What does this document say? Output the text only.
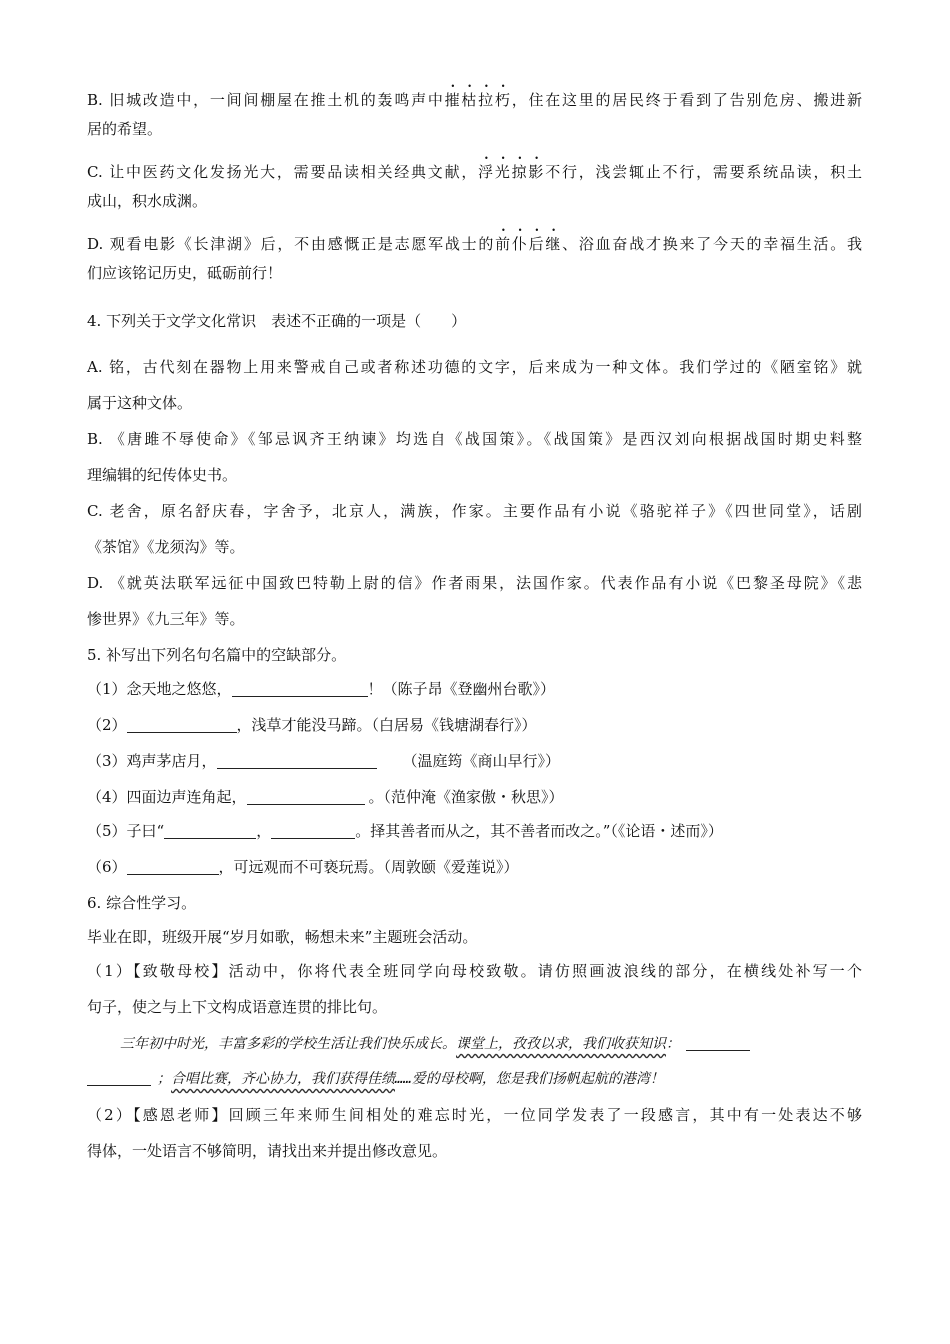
B. 旧城改造中，一间间棚屋在推土机的轰鸣声中摧枯拉朽，住在这里的居民终于看到了告别危房、搬进新
居的希望。
C. 让中医药文化发扬光大，需要品读相关经典文献，浮光掠影不行，浅尝辄止不行，需要系统品读，积土
成山，积水成渊。
D. 观看电影《长津湖》后，不由感慨正是志愿军战士的前仆后继、浴血奋战才换来了今天的幸福生活。我
们应该铭记历史，砥砺前行！
4. 下列关于文学文化常识　表述不正确的一项是（　　）
A. 铭，古代刻在器物上用来警戒自己或者称述功德的文字，后来成为一种文体。我们学过的《陋室铭》就
属于这种文体。
B. 《唐雎不辱使命》《邹忌讽齐王纳谏》均选自《战国策》。《战国策》是西汉刘向根据战国时期史料整
理编辑的纪传体史书。
C. 老舍，原名舒庆春，字舍予，北京人，满族，作家。主要作品有小说《骆驼祥子》《四世同堂》，话剧
《茶馆》《龙须沟》等。
D. 《就英法联军远征中国致巴特勒上尉的信》作者雨果，法国作家。代表作品有小说《巴黎圣母院》《悲
惨世界》《九三年》等。
5. 补写出下列名句名篇中的空缺部分。
（1）念天地之悠悠，	！（陈子昂《登幽州台歌》）
（2）	，浅草才能没马蹄。（白居易《钱塘湖春行》）
（3）鸡声茅店月，	（温庭筠《商山早行》）
（4）四面边声连角起，	。（范仲淹《渔家傲・秋思》）
（5）子曰“	，	。择其善者而从之，其不善者而改之。”（《论语・述而》）
（6）	，可远观而不可亵玩焉。（周敦颐《爱莲说》）
6. 综合性学习。
毕业在即，班级开展“岁月如歌，畅想未来”主题班会活动。
（1）【致敬母校】活动中，你将代表全班同学向母校致敬。请仿照画波浪线的部分，在横线处补写一个
句子，使之与上下文构成语意连贯的排比句。
三年初中时光，丰富多彩的学校生活让我们快乐成长。课堂上，孜孜以求，我们收获知识：
；合唱比赛，齐心协力，我们获得佳绩……爱的母校啊，您是我们扬帆起航的港湾！
（2）【感恩老师】回顾三年来师生间相处的难忘时光，一位同学发表了一段感言，其中有一处表达不够
得体，一处语言不够简明，请找出来并提出修改意见。
